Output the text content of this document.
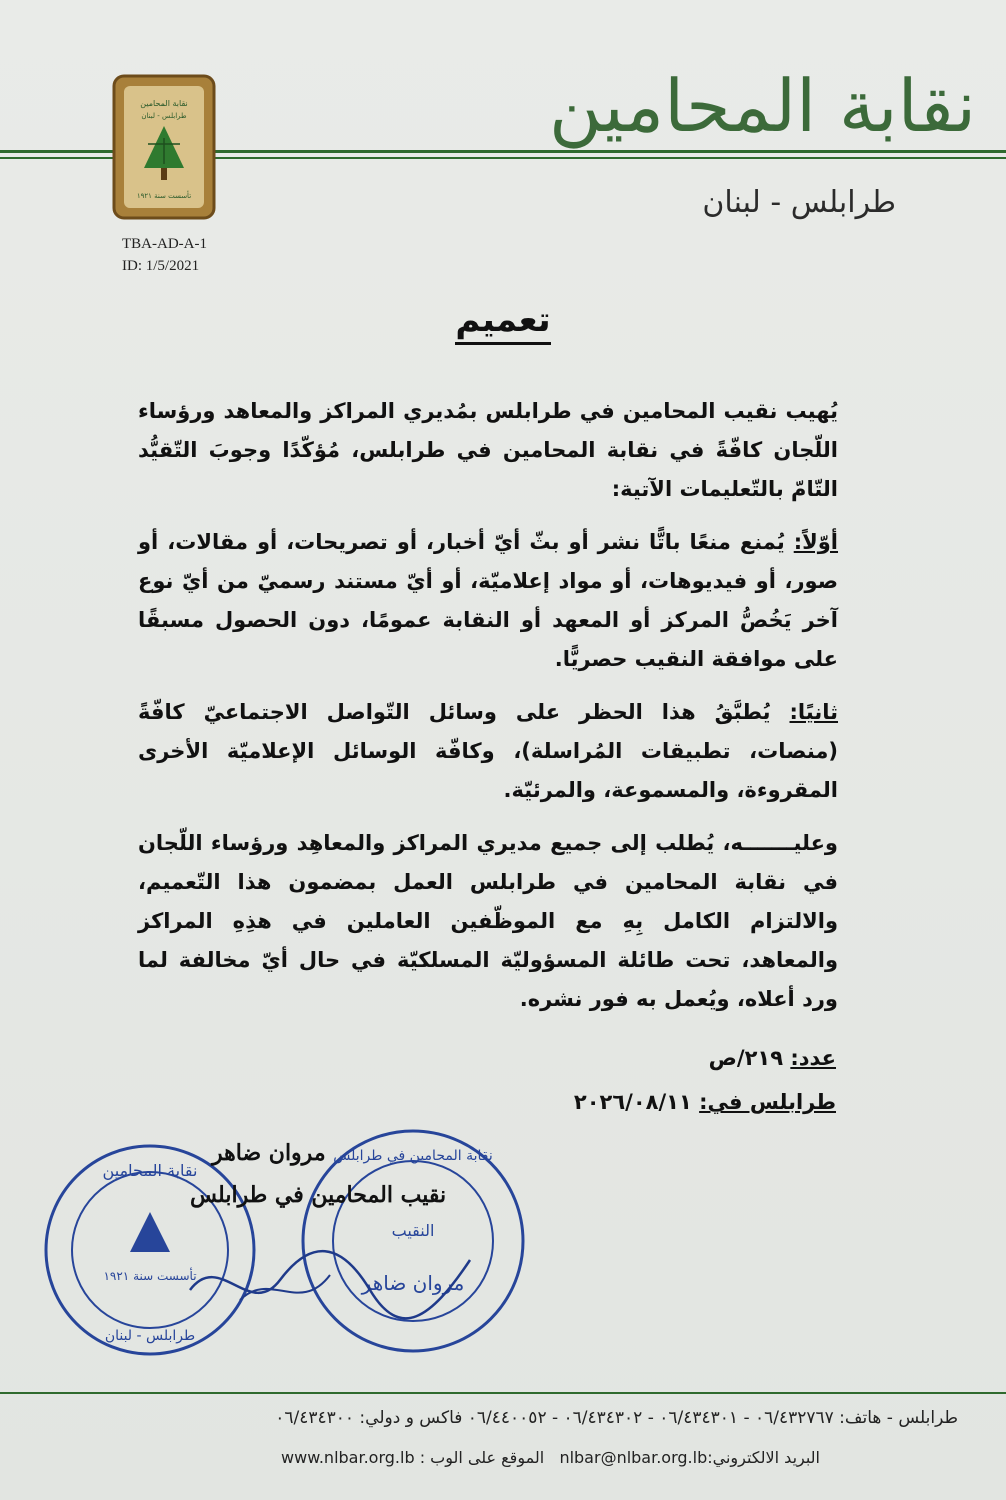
نقابة المحامين
طرابلس - لبنان
نقابة المحامين
طرابلس - لبنان
تأسست سنة ١٩٢١
TBA-AD-A-1
ID: 1/5/2021
تعميم

يُهيب نقيب المحامين في طرابلس بمُديري المراكز والمعاهد ورؤساء اللّجان كافّةً في نقابة المحامين في طرابلس، مُؤكّدًا وجوبَ التّقيُّد التّامّ بالتّعليمات الآتية:

أوّلاً: يُمنع منعًا باتًّا نشر أو بثّ أيّ أخبار، أو تصريحات، أو مقالات، أو صور، أو فيديوهات، أو مواد إعلاميّة، أو أيّ مستند رسميّ من أيّ نوع آخر يَخُصُّ المركز أو المعهد أو النقابة عمومًا، دون الحصول مسبقًا على موافقة النقيب حصريًّا.

ثانيًا: يُطبَّقُ هذا الحظر على وسائل التّواصل الاجتماعيّ كافّةً (منصات، تطبيقات المُراسلة)، وكافّة الوسائل الإعلاميّة الأخرى المقروءة، والمسموعة، والمرئيّة.

وعليـــــــه، يُطلب إلى جميع مديري المراكز والمعاهِد ورؤساء اللّجان في نقابة المحامين في طرابلس العمل بمضمون هذا التّعميم، والالتزام الكامل بِهِ مع الموظّفين العاملين في هذِهِ المراكز والمعاهد، تحت طائلة المسؤوليّة المسلكيّة في حال أيّ مخالفة لما ورد أعلاه، ويُعمل به فور نشره.

عدد: ٢١٩/ص
طرابلس في: ٢٠٢٦/٠٨/١١
نقابة المحامين
تأسست سنة ١٩٢١
طرابلس - لبنان
نقابة المحامين في طرابلس
النقيب
مروان ضاهر
مروان ضاهر
نقيب المحامين في طرابلس
طرابلس - هاتف: ٠٦/٤٣٢٧٦٧ - ٠٦/٤٣٤٣٠١ - ٠٦/٤٣٤٣٠٢ - ٠٦/٤٤٠٠٥٢ فاكس و دولي: ٠٦/٤٣٤٣٠٠
البريد الالكتروني:nlbar@nlbar.org.lb   الموقع على الوب : www.nlbar.org.lb
